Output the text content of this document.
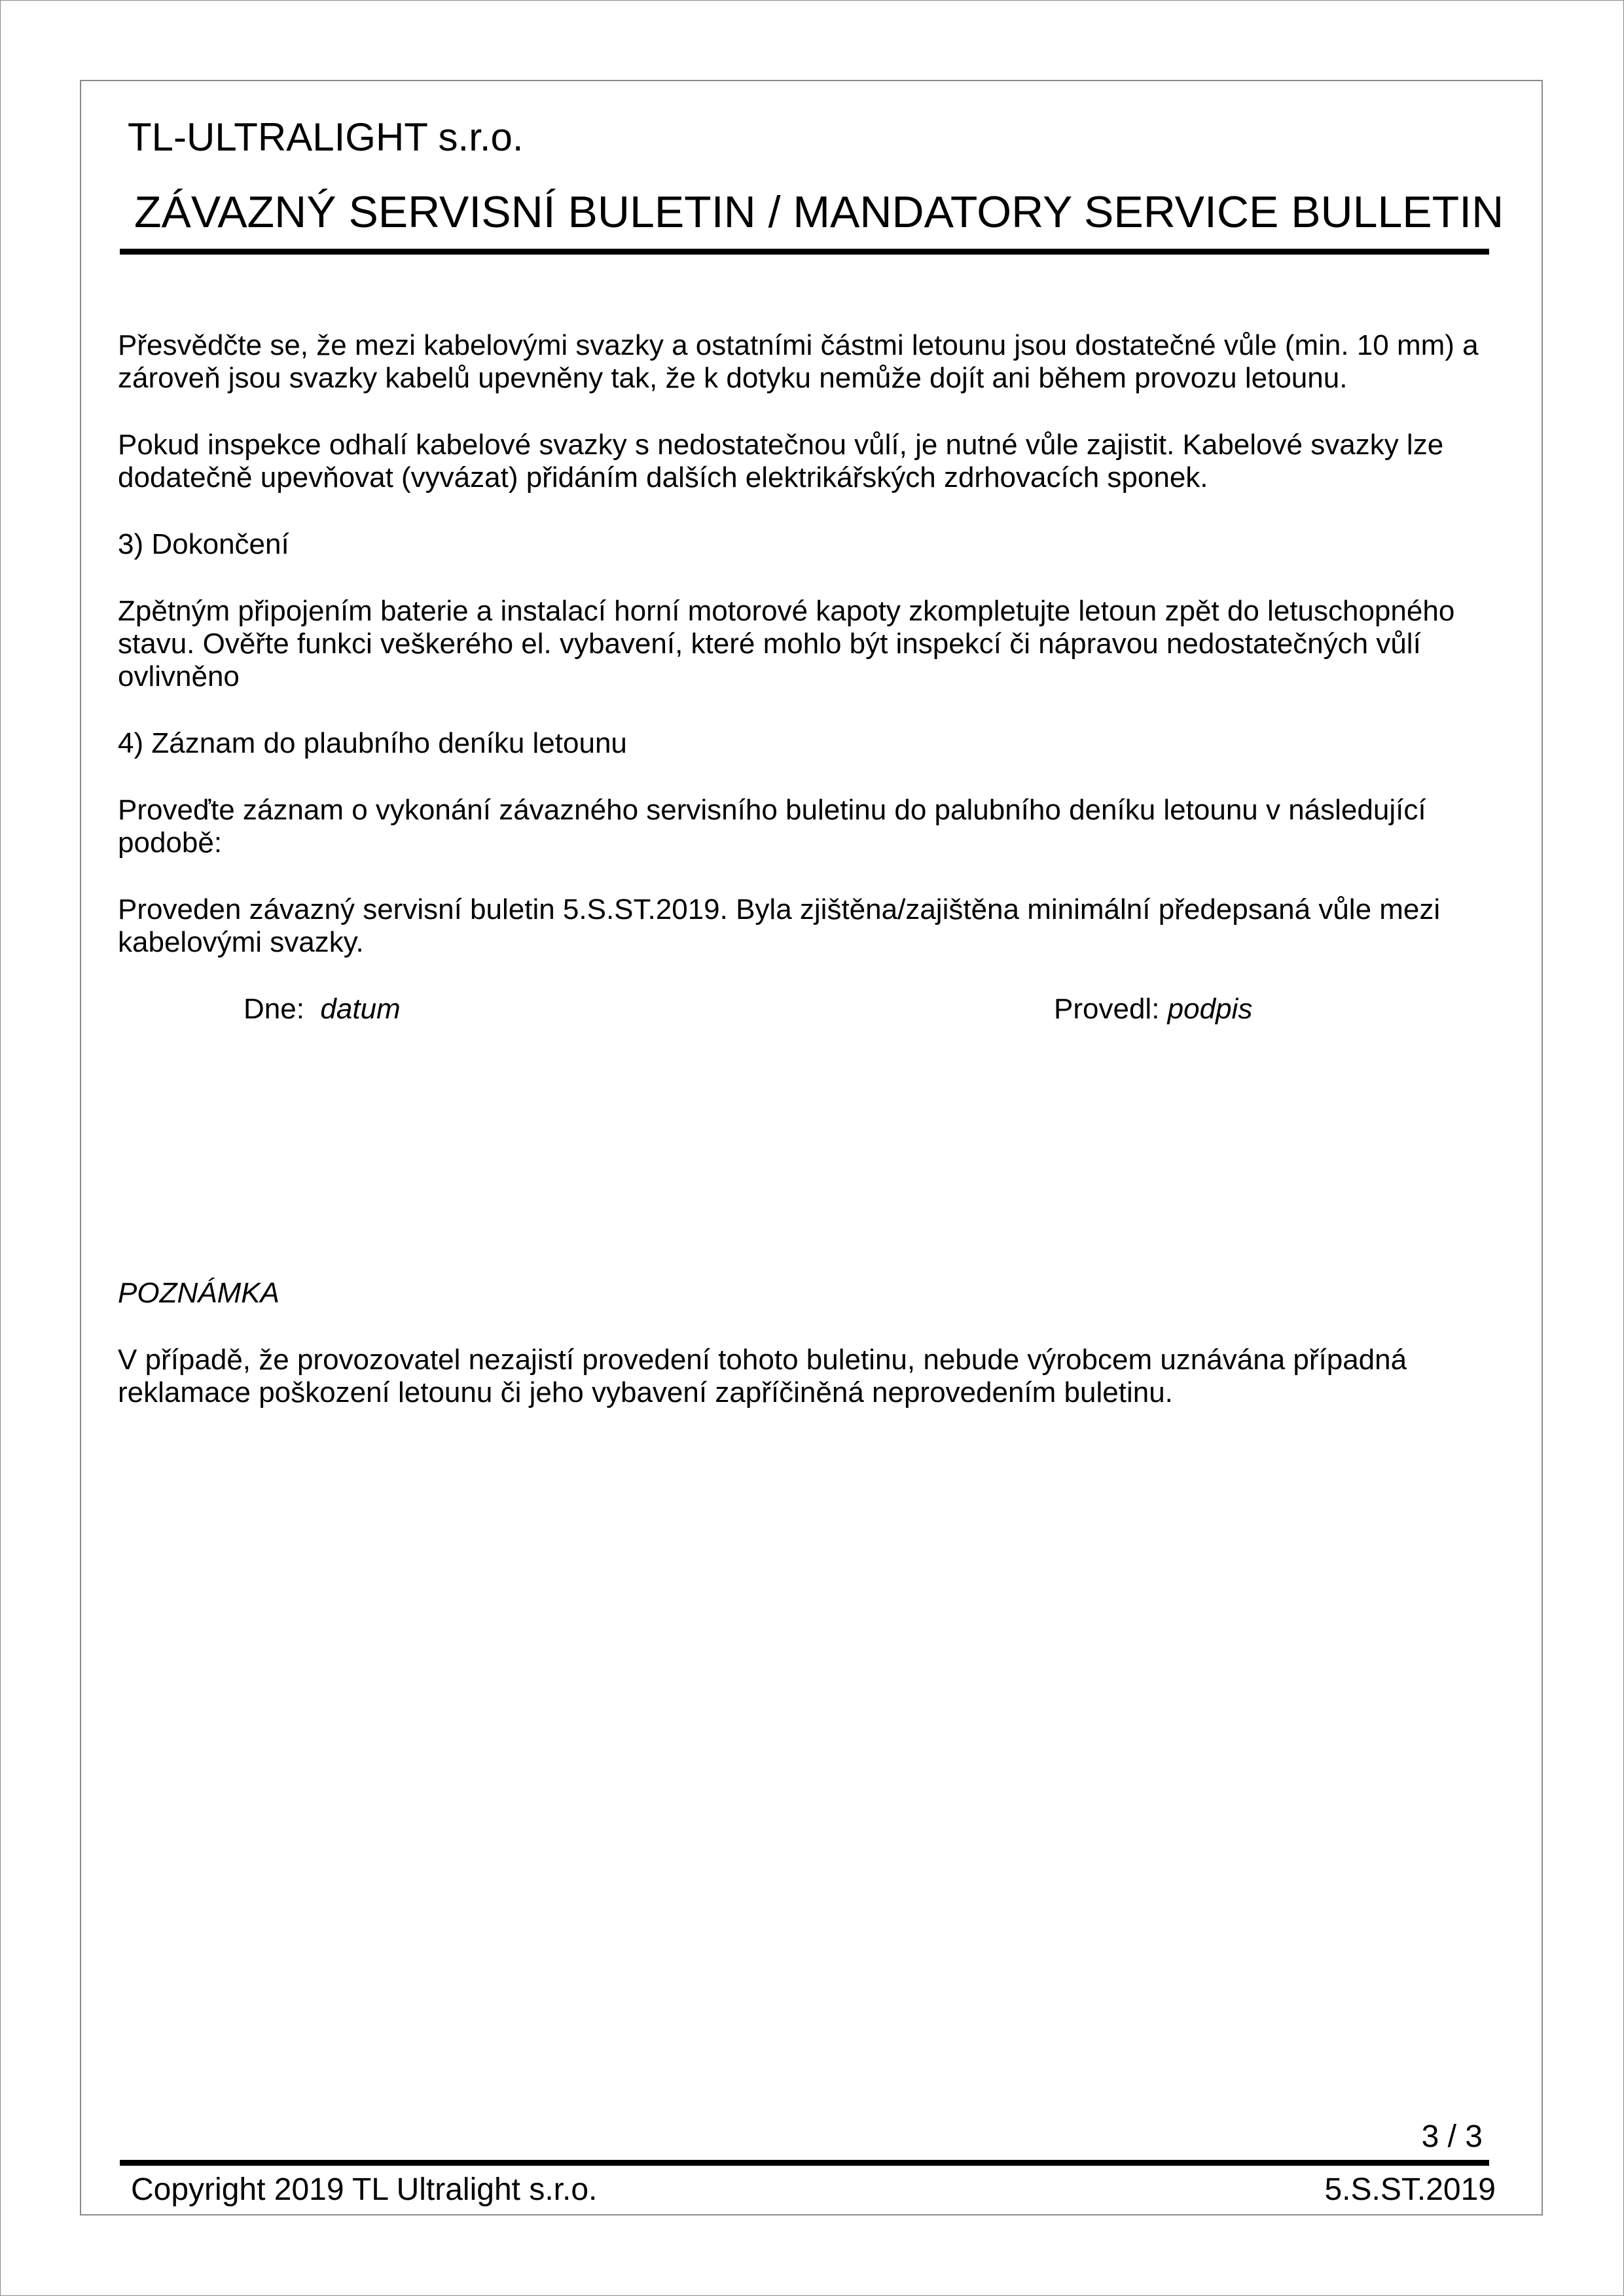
TL-ULTRALIGHT s.r.o.
ZÁVAZNÝ SERVISNÍ BULETIN / MANDATORY SERVICE BULLETIN

Přesvědčte se, že mezi kabelovými svazky a ostatními částmi letounu jsou dostatečné vůle (min. 10 mm) a zároveň jsou svazky kabelů upevněny tak, že k dotyku nemůže dojít ani během provozu letounu.

Pokud inspekce odhalí kabelové svazky s nedostatečnou vůlí, je nutné vůle zajistit. Kabelové svazky lze dodatečně upevňovat (vyvázat) přidáním dalších elektrikářských zdrhovacích sponek.

3) Dokončení

Zpětným připojením baterie a instalací horní motorové kapoty zkompletujte letoun zpět do letuschopného stavu. Ověřte funkci veškerého el. vybavení, které mohlo být inspekcí či nápravou nedostatečných vůlí ovlivněno

4) Záznam do plaubního deníku letounu

Proveďte záznam o vykonání závazného servisního buletinu do palubního deníku letounu v následující podobě:

Proveden závazný servisní buletin 5.S.ST.2019. Byla zjištěna/zajištěna minimální předepsaná vůle mezi kabelovými svazky.

Dne: datum	Provedl: podpis

POZNÁMKA

V případě, že provozovatel nezajistí provedení tohoto buletinu, nebude výrobcem uznávána případná reklamace poškození letounu či jeho vybavení zapříčiněná neprovedením buletinu.

3 / 3
Copyright 2019 TL Ultralight s.r.o.	5.S.ST.2019
